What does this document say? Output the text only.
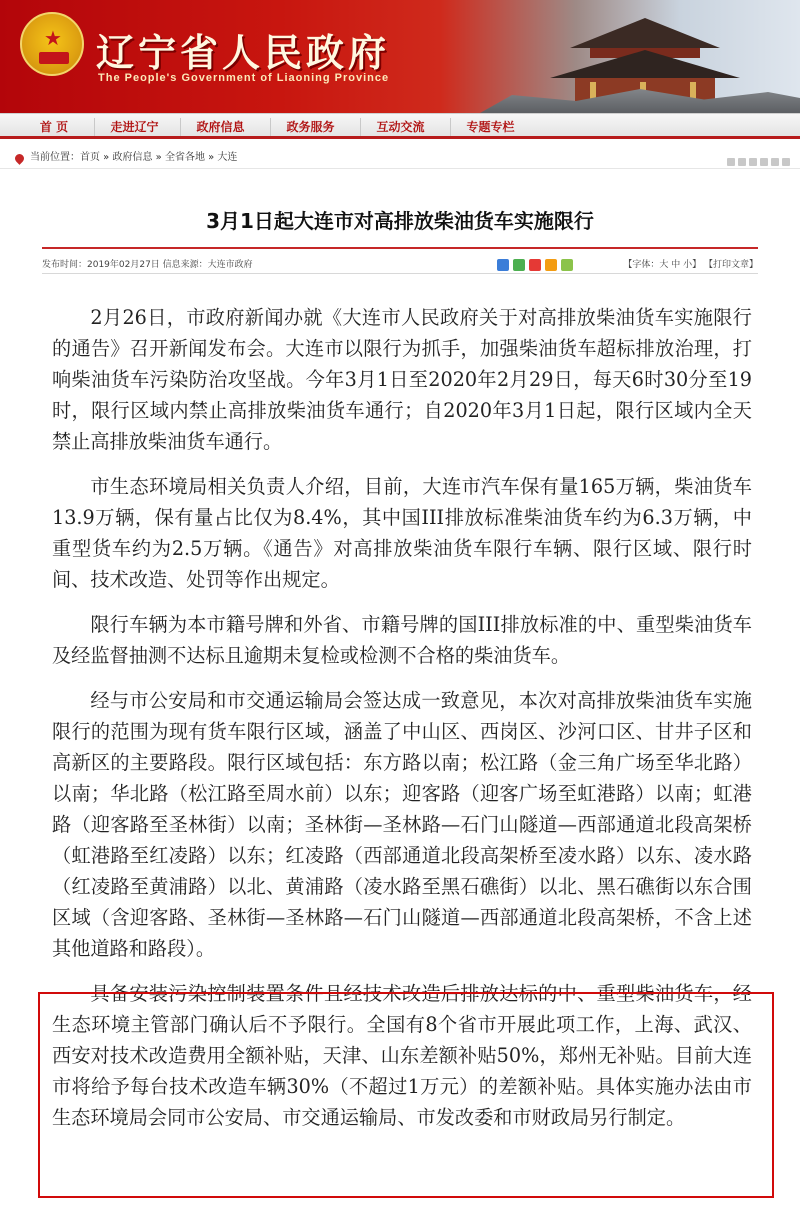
★ 辽宁省人民政府
The People's Government of Liaoning Province
首 页	走进辽宁	政府信息	政务服务	互动交流	专题专栏
当前位置：首页 » 政府信息 » 全省各地 » 大连
3月1日起大连市对高排放柴油货车实施限行
发布时间：2019年02月27日 信息来源：大连市政府	【字体：大 中 小】 【打印文章】

2月26日，市政府新闻办就《大连市人民政府关于对高排放柴油货车实施限行的通告》召开新闻发布会。大连市以限行为抓手，加强柴油货车超标排放治理，打响柴油货车污染防治攻坚战。今年3月1日至2020年2月29日，每天6时30分至19时，限行区域内禁止高排放柴油货车通行；自2020年3月1日起，限行区域内全天禁止高排放柴油货车通行。

市生态环境局相关负责人介绍，目前，大连市汽车保有量165万辆，柴油货车13.9万辆，保有量占比仅为8.4%，其中国III排放标准柴油货车约为6.3万辆，中重型货车约为2.5万辆。《通告》对高排放柴油货车限行车辆、限行区域、限行时间、技术改造、处罚等作出规定。

限行车辆为本市籍号牌和外省、市籍号牌的国III排放标准的中、重型柴油货车及经监督抽测不达标且逾期未复检或检测不合格的柴油货车。

经与市公安局和市交通运输局会签达成一致意见，本次对高排放柴油货车实施限行的范围为现有货车限行区域，涵盖了中山区、西岗区、沙河口区、甘井子区和高新区的主要路段。限行区域包括：东方路以南；松江路（金三角广场至华北路）以南；华北路（松江路至周水前）以东；迎客路（迎客广场至虹港路）以南；虹港路（迎客路至圣林街）以南；圣林街—圣林路—石门山隧道—西部通道北段高架桥（虹港路至红凌路）以东；红凌路（西部通道北段高架桥至凌水路）以东、凌水路（红凌路至黄浦路）以北、黄浦路（凌水路至黑石礁街）以北、黑石礁街以东合围区域（含迎客路、圣林街—圣林路—石门山隧道—西部通道北段高架桥，不含上述其他道路和路段）。

具备安装污染控制装置条件且经技术改造后排放达标的中、重型柴油货车，经生态环境主管部门确认后不予限行。全国有8个省市开展此项工作，上海、武汉、西安对技术改造费用全额补贴，天津、山东差额补贴50%，郑州无补贴。目前大连市将给予每台技术改造车辆30%（不超过1万元）的差额补贴。具体实施办法由市生态环境局会同市公安局、市交通运输局、市发改委和市财政局另行制定。
